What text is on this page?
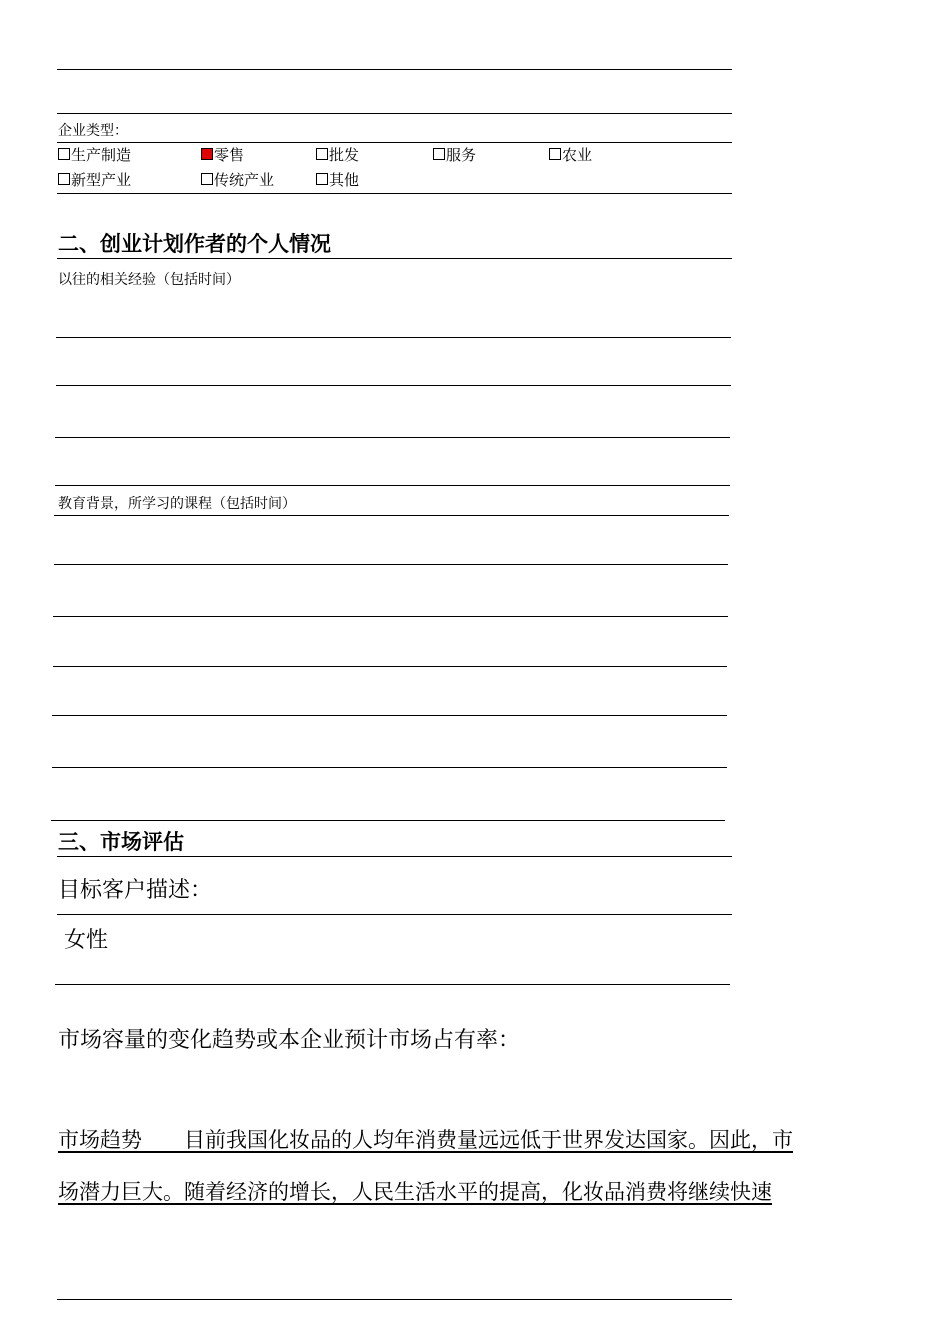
企业类型：
生产制造	零售	批发	服务	农业
新型产业	传统产业	其他
二、创业计划作者的个人情况
以往的相关经验（包括时间）
教育背景，所学习的课程（包括时间）
三、市场评估
目标客户描述：
女性
市场容量的变化趋势或本企业预计市场占有率：
市场趋势　　目前我国化妆品的人均年消费量远远低于世界发达国家。因此，市
场潜力巨大。随着经济的增长，人民生活水平的提高，化妆品消费将继续快速
